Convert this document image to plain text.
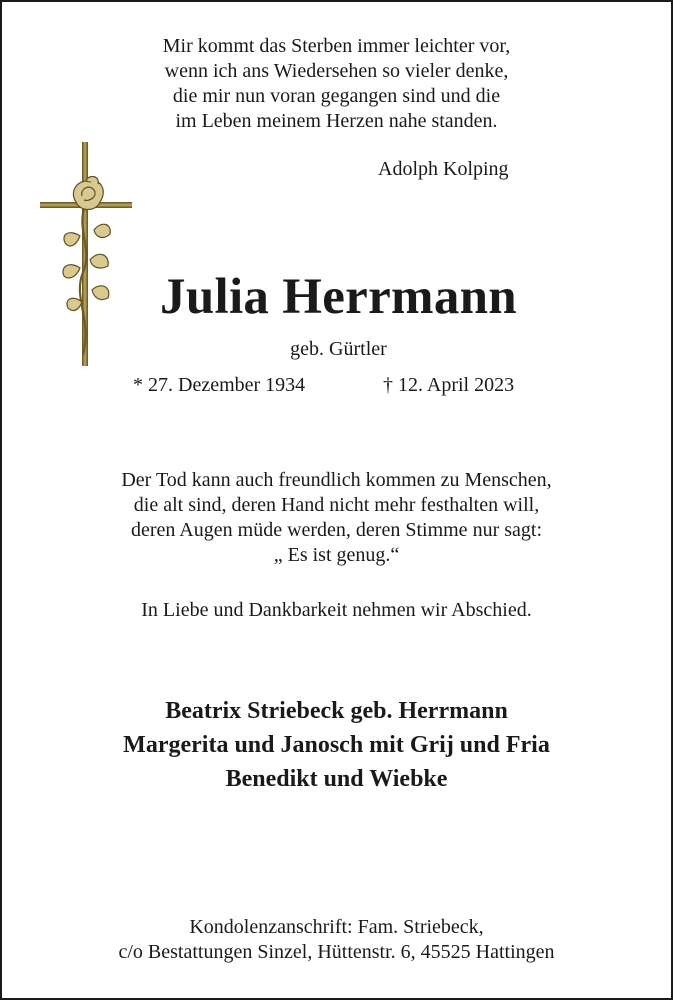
Mir kommt das Sterben immer leichter vor,
wenn ich ans Wiedersehen so vieler denke,
die mir nun voran gegangen sind und die
im Leben meinem Herzen nahe standen.
Adolph Kolping
Julia Herrmann
geb. Gürtler
* 27. Dezember 1934	† 12. April 2023
Der Tod kann auch freundlich kommen zu Menschen,
die alt sind, deren Hand nicht mehr festhalten will,
deren Augen müde werden, deren Stimme nur sagt:
„ Es ist genug.“
In Liebe und Dankbarkeit nehmen wir Abschied.
Beatrix Striebeck geb. Herrmann
Margerita und Janosch mit Grij und Fria
Benedikt und Wiebke
Kondolenzanschrift: Fam. Striebeck,
c/o Bestattungen Sinzel, Hüttenstr. 6, 45525 Hattingen
